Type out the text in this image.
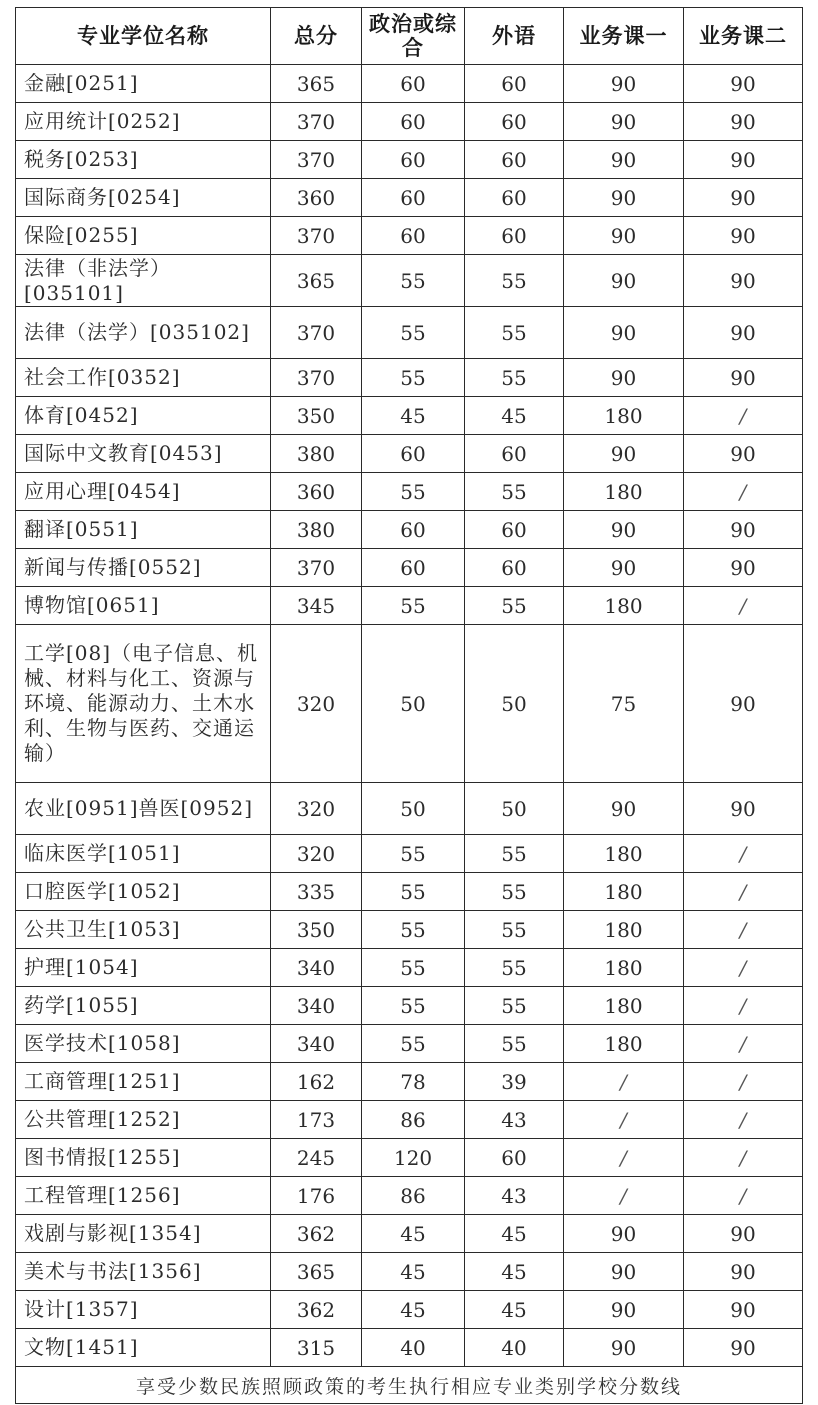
专业学位名称	总分	政治或综合	外语	业务课一	业务课二
金融[0251]	365	60	60	90	90
应用统计[0252]	370	60	60	90	90
税务[0253]	370	60	60	90	90
国际商务[0254]	360	60	60	90	90
保险[0255]	370	60	60	90	90
法律（非法学）[035101]	365	55	55	90	90
法律（法学）[035102]	370	55	55	90	90
社会工作[0352]	370	55	55	90	90
体育[0452]	350	45	45	180	/
国际中文教育[0453]	380	60	60	90	90
应用心理[0454]	360	55	55	180	/
翻译[0551]	380	60	60	90	90
新闻与传播[0552]	370	60	60	90	90
博物馆[0651]	345	55	55	180	/
工学[08]（电子信息、机械、材料与化工、资源与环境、能源动力、土木水利、生物与医药、交通运输）	320	50	50	75	90
农业[0951]兽医[0952]	320	50	50	90	90
临床医学[1051]	320	55	55	180	/
口腔医学[1052]	335	55	55	180	/
公共卫生[1053]	350	55	55	180	/
护理[1054]	340	55	55	180	/
药学[1055]	340	55	55	180	/
医学技术[1058]	340	55	55	180	/
工商管理[1251]	162	78	39	/	/
公共管理[1252]	173	86	43	/	/
图书情报[1255]	245	120	60	/	/
工程管理[1256]	176	86	43	/	/
戏剧与影视[1354]	362	45	45	90	90
美术与书法[1356]	365	45	45	90	90
设计[1357]	362	45	45	90	90
文物[1451]	315	40	40	90	90
享受少数民族照顾政策的考生执行相应专业类别学校分数线					
